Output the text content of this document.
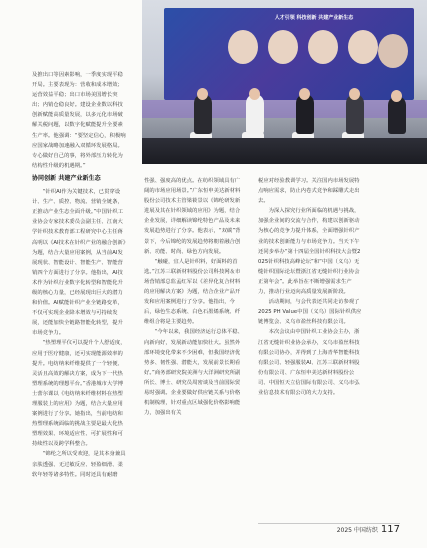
人才引领 科技创新 共建产业新生态

及推出口等因素影响，一季度实现平稳开局。主要表现为：营收和成本增效；运营效益平稳；出口市场美国增长突出；内销仓稳良好。建设企业数以科技创新赋能高质量发展，以多元化市场破解关税问题，以数字化赋能提升全要素生产率。他强调：“要坚定信心，积极响应国家战略加速融入双循环发展格局。专心做好自己的事，将外部压力转化为结构性升级的机遇期。”

协同创新 共建产业新生态

“针织AI作为关键技术，已贯穿设计、生产、质控、物流、营销全链条，正推动产业生态全面升级。”中国针织工业协会专家技术委员会副主任、江南大学针织技术教育部工程研究中心主任蒋高明以《AI技术在针织产业的融合创新》为题，结合大量应用案例，从当前AI发展现状、智能设计、智能生产、智能营销四个方面进行了分享。他指出，AI技术作为针织行业数字化转型和智能化升级的核心力量，已经展现出巨大的潜力和价值。AI赋能针织产业全链路变革，不仅可实现企业降本增效与可持续发展，还能加快全链路智能化转型，提升市场竞争力。

“热塑理平仪可以提升个人舒适度，应用于医疗健康，还可实现能源效率的提升。电纺纳米纤维提供了一个轻便、灵活且高效的解决方案，成为下一代热塑理系统的理想平台。”香港城市大学博士蕾尔课以《电纺纳米纤维材料在热塑理服装上的应用》为题，结合大量应用案例进行了分享。她指出，当前电纺和热塑理系统面临的挑战主要是最大化热塑理效果、环境适应性、可扩展性和可持续性以及跨学科整合。

“锦纶之所以受欢迎，是其本身兼具亲肤透强、无过敏反应、轻盈细滑、柔软年轻等诸多特性。同时还具有耐磨

性强、强度高的优点。在纺织领域具有广阔的市场应用场景。”广东恒申美达新材料股份公司技术主管梁筱景以《锦纶研发新进展及其在针织领域的应用》为题，结合企业发展，详细解读锦纶特色产品及未来发展趋势进行了分享。他表示，“双碳”背景下，今后锦纶的发展趋势将朝着融合创新、功能、时尚、绿色方向发展。

“触碰，宜人是针织料，好面料的首选。”江苏三联新材料股份公司科技网＆市场营销部总监孟红军以《差异化复合材料的应用解决方案》为题，结合企业产品开发和应用案例进行了分享。他指出，今后，绿色生态系统、白色石墨烯系统、纤维组合将是主要趋势。

“今年以来，我国经济运行总体平稳、向新向好，发展新动能加快壮大。虽然外部环境变化带来不少困难，但我国经济优势多、韧性强、潜能大，发展前景长期看好。”商务部研究院美洲与大洋洲研究所副所长、博士、研究员周密谈及当前国际贸易时强调。企业要做好供应链关系与价格机制梳理，针对重点区域强化价格影响能力，加强出有关

税应对经验教训学习。关注国内市场发展特点响应需求，防止内卷式竞争和踩雕式走出去。

为深入探究行业所面临的机遇与挑战，加强企业间的交流与合作，构建以创新驱动为核心的竞争力提升体系，全面增强针织产业的技术创新能力与市场竞争力。当天下午还同步举办“第十四届全国针织科技大会暨2025针织科技高峰论坛”和“中国（义乌）无缝针织国际论坛暨浙江省无缝针织行业协会正第年会”。此举旨在不断增强需求生产力，推动行业迈向高质量发展新阶段。

活动期间，与会代表还共同走访参观了2025 PH Value中国（义乌）国际针织供应链博览会、义乌市盈丝科技有限公司。

本次会议由中国针织工业协会主办，浙江省无缝针织业协会承办，义乌市盈丝科技有限公司协办，并得到了上海青华智能科技有限公司、轻强服装AI、江苏三联新材料股份有限公司、广东恒申美达新材料股份公司、中国恒天立信国际有限公司、义乌市弘业信息技术有限公司的大力支持。

2025 中国纺织 117
